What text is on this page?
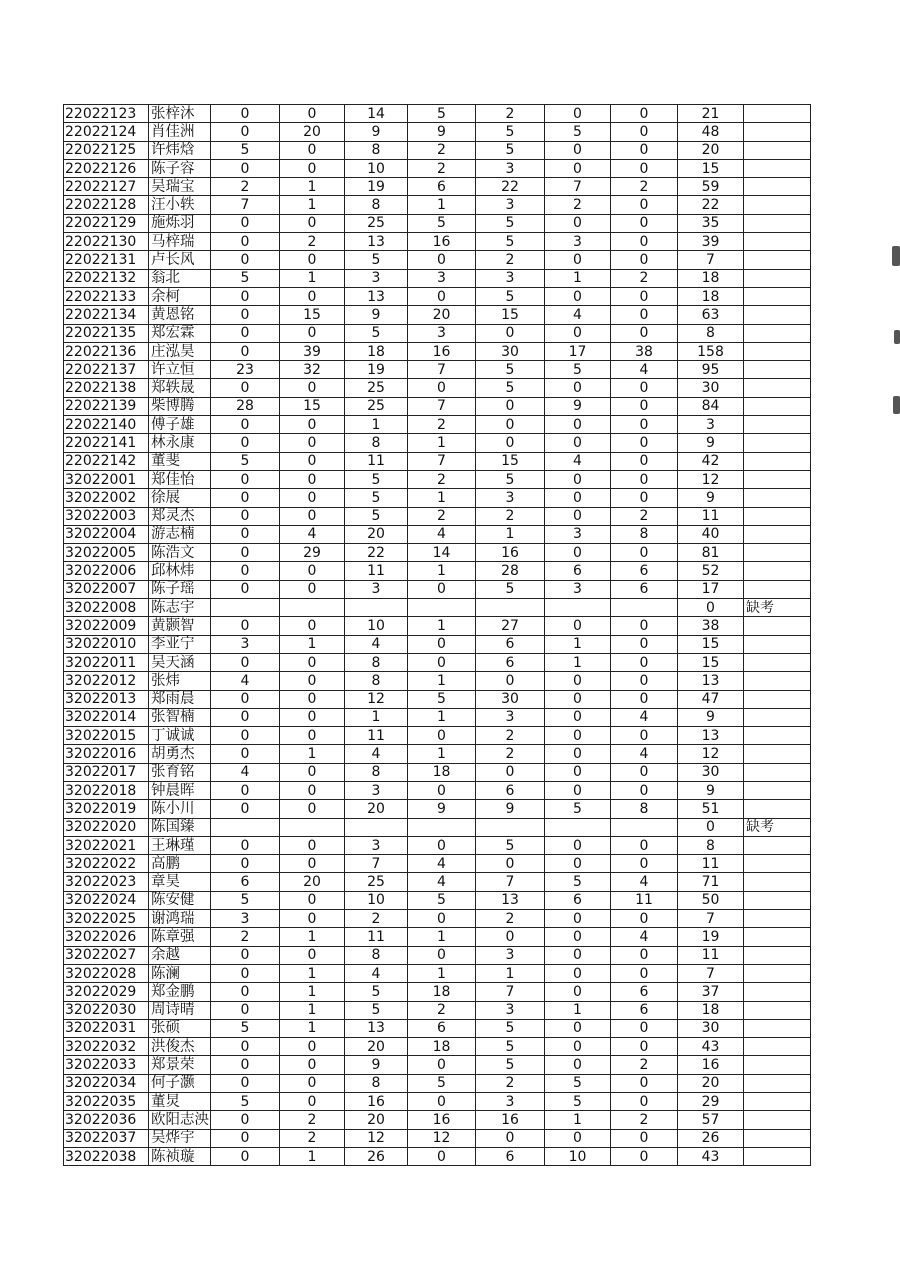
22022123	张梓沐	0	0	14	5	2	0	0	21	
22022124	肖佳洲	0	20	9	9	5	5	0	48	
22022125	许炜焓	5	0	8	2	5	0	0	20	
22022126	陈子容	0	0	10	2	3	0	0	15	
22022127	吴瑞宝	2	1	19	6	22	7	2	59	
22022128	汪小轶	7	1	8	1	3	2	0	22	
22022129	施烁羽	0	0	25	5	5	0	0	35	
22022130	马梓瑞	0	2	13	16	5	3	0	39	
22022131	卢长风	0	0	5	0	2	0	0	7	
22022132	翁北	5	1	3	3	3	1	2	18	
22022133	余柯	0	0	13	0	5	0	0	18	
22022134	黄恩铭	0	15	9	20	15	4	0	63	
22022135	郑宏霖	0	0	5	3	0	0	0	8	
22022136	庄泓昊	0	39	18	16	30	17	38	158	
22022137	许立恒	23	32	19	7	5	5	4	95	
22022138	郑轶晟	0	0	25	0	5	0	0	30	
22022139	柴博腾	28	15	25	7	0	9	0	84	
22022140	傅子雄	0	0	1	2	0	0	0	3	
22022141	林永康	0	0	8	1	0	0	0	9	
22022142	董斐	5	0	11	7	15	4	0	42	
32022001	郑佳怡	0	0	5	2	5	0	0	12	
32022002	徐展	0	0	5	1	3	0	0	9	
32022003	郑灵杰	0	0	5	2	2	0	2	11	
32022004	游志楠	0	4	20	4	1	3	8	40	
32022005	陈浩文	0	29	22	14	16	0	0	81	
32022006	邱林炜	0	0	11	1	28	6	6	52	
32022007	陈子瑶	0	0	3	0	5	3	6	17	
32022008	陈志宇								0	缺考
32022009	黄颢智	0	0	10	1	27	0	0	38	
32022010	李亚宁	3	1	4	0	6	1	0	15	
32022011	吴天涵	0	0	8	0	6	1	0	15	
32022012	张炜	4	0	8	1	0	0	0	13	
32022013	郑雨晨	0	0	12	5	30	0	0	47	
32022014	张智楠	0	0	1	1	3	0	4	9	
32022015	丁诚诚	0	0	11	0	2	0	0	13	
32022016	胡勇杰	0	1	4	1	2	0	4	12	
32022017	张育铭	4	0	8	18	0	0	0	30	
32022018	钟晨晖	0	0	3	0	6	0	0	9	
32022019	陈小川	0	0	20	9	9	5	8	51	
32022020	陈国臻								0	缺考
32022021	王琳瑾	0	0	3	0	5	0	0	8	
32022022	高鹏	0	0	7	4	0	0	0	11	
32022023	章昊	6	20	25	4	7	5	4	71	
32022024	陈安健	5	0	10	5	13	6	11	50	
32022025	谢鸿瑞	3	0	2	0	2	0	0	7	
32022026	陈章强	2	1	11	1	0	0	4	19	
32022027	余越	0	0	8	0	3	0	0	11	
32022028	陈澜	0	1	4	1	1	0	0	7	
32022029	郑金鹏	0	1	5	18	7	0	6	37	
32022030	周诗晴	0	1	5	2	3	1	6	18	
32022031	张硕	5	1	13	6	5	0	0	30	
32022032	洪俊杰	0	0	20	18	5	0	0	43	
32022033	郑景荣	0	0	9	0	5	0	2	16	
32022034	何子灏	0	0	8	5	2	5	0	20	
32022035	董炅	5	0	16	0	3	5	0	29	
32022036	欧阳志泱	0	2	20	16	16	1	2	57	
32022037	吴烨宇	0	2	12	12	0	0	0	26	
32022038	陈祯璇	0	1	26	0	6	10	0	43	
